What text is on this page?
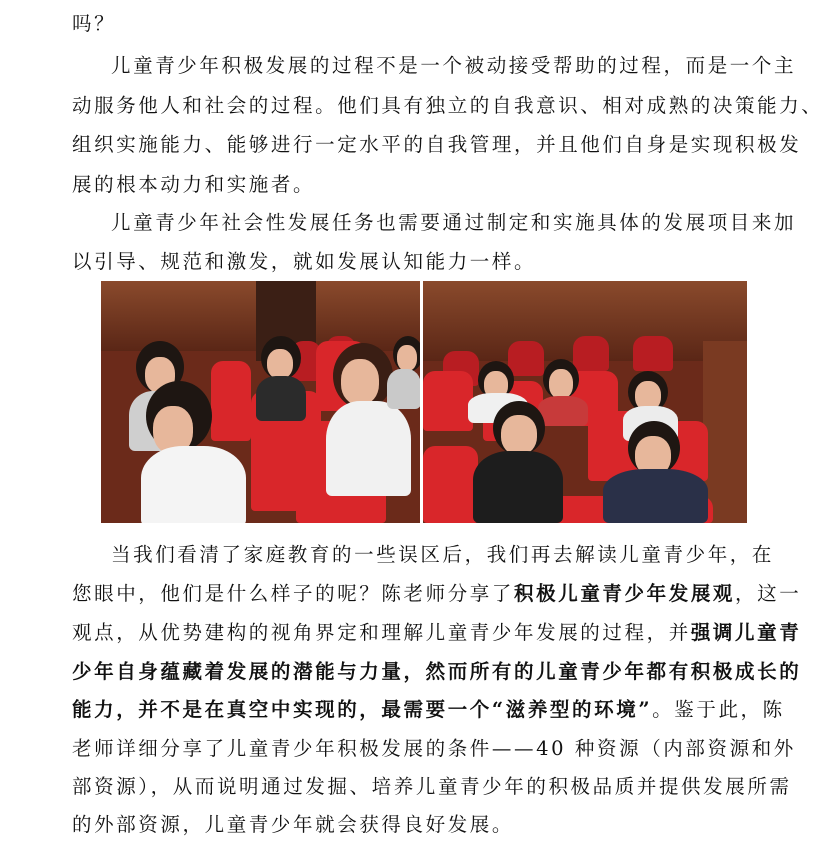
吗？
儿童青少年积极发展的过程不是一个被动接受帮助的过程，而是一个主
动服务他人和社会的过程。他们具有独立的自我意识、相对成熟的决策能力、
组织实施能力、能够进行一定水平的自我管理，并且他们自身是实现积极发
展的根本动力和实施者。
儿童青少年社会性发展任务也需要通过制定和实施具体的发展项目来加
以引导、规范和激发，就如发展认知能力一样。
当我们看清了家庭教育的一些误区后，我们再去解读儿童青少年，在
您眼中，他们是什么样子的呢？陈老师分享了积极儿童青少年发展观，这一
观点，从优势建构的视角界定和理解儿童青少年发展的过程，并强调儿童青
少年自身蕴藏着发展的潜能与力量，然而所有的儿童青少年都有积极成长的
能力，并不是在真空中实现的，最需要一个“滋养型的环境”。鉴于此，陈
老师详细分享了儿童青少年积极发展的条件——40 种资源（内部资源和外
部资源），从而说明通过发掘、培养儿童青少年的积极品质并提供发展所需
的外部资源，儿童青少年就会获得良好发展。
